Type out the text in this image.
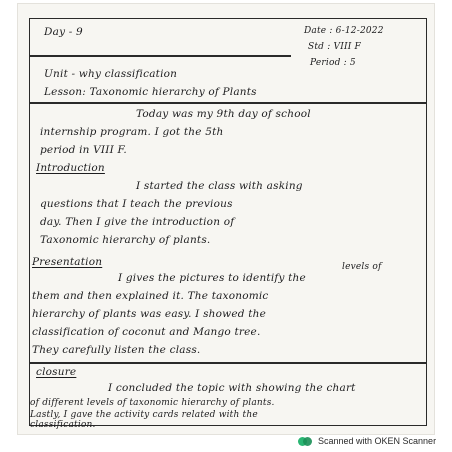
Day - 9	Date : 6-12-2022
Std : VIII F
Period : 5
Unit - why classification
Lesson: Taxonomic hierarchy of Plants
Today was my 9th day of school
internship program. I got the 5th
period in VIII F.
Introduction
I started the class with asking
questions that I teach the previous
day. Then I give the introduction of
Taxonomic hierarchy of plants.
Presentation
I gives the pictures to identify the
levels of
them and then explained it. The taxonomic
hierarchy of plants was easy. I showed the
classification of coconut and Mango tree.
They carefully listen the class.
closure
I concluded the topic with showing the chart
of different levels of taxonomic hierarchy of plants.
Lastly, I gave the activity cards related with the
classification.
Scanned with OKEN Scanner
